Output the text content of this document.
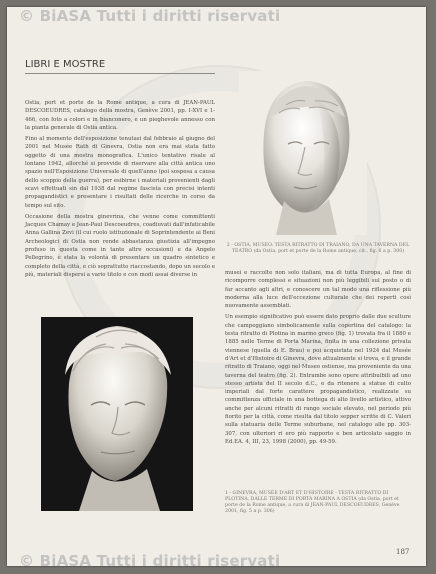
© BiASA Tutti i diritti riservati
© BiASA Tutti i diritti riservati
LIBRI E MOSTRE

Ostia, port et porte de la Rome antique, a cura di JEAN-PAUL DESCOEUDRES, catalogo della mostra, Genève 2001, pp. I-XVI e 1-466, con foto a colori e in bianconero, e un pieghevole annesso con la pianta generale di Ostia antica.

Fino al momento dell'esposizione tenutasi dal febbraio al giugno del 2001 nel Musée Rath di Ginevra, Ostia non era mai stata fatto oggetto di una mostra monografica. L'unico tentativo risale al lontano 1942, allorché si provvide di riservare alla città antica uno spazio nell'Esposizione Universale di quell'anno (poi sospesa a causa dello scoppio della guerra), per esibirne i materiali provenienti dagli scavi effettuati sin dal 1938 dal regime fascista con precisi intenti propagandistici e presentare i risultati delle ricerche in corso da tempo sul sito.

Occasione della mostra ginevrina, che venne come committenti Jacques Chamay e Jean-Paul Descoeudres, coadiuvati dall'infaticabile Anna Gallina Zevi (il cui ruolo istituzionale di Soprintendente ai Beni Archeologici di Ostia non rende abbastanza giustizia all'impegno profuso in questa come in tante altre occasioni) e da Angelo Pellegrino, è stata la volontà di presentare un quadro sintetico e completo della città, e ciò soprattutto riaccostando, dopo un secolo e più, materiali dispersi a vario titolo e con modi assai diverse in

2 - OSTIA, MUSEO. TESTA RITRATTO DI TRAIANO, DA UNA TAVERNA DEL TEATRO (da Ostia, port et porte de la Rome antique, cit., fig. 6 a p. 300)

musei e raccolte non solo italiani, ma di tutta Europa, al fine di ricomporre complessi e situazioni non più leggibili sul posto o di far accanto agli altri, e conoscere un tal modo una riflessione più moderna alla luce dell'eccezione culturale che dei reperti così nuovamente assemblati.

Un esempio significativo può essere dato proprio dalle due sculture che campeggiano simbolicamente sulla copertina del catalogo: la testa ritratto di Plotina in marmo greco (fig. 1) trovata fra il 1880 e 1885 nelle Terme di Porta Marina, finita in una collezione privata viennese (quella di E. Brau) e poi acquistata nel 1924 dal Musée d'Art et d'Histoire di Ginevra, dove attualmente si trova, e il grande ritratto di Traiano, oggi nel Museo ostiense, ma proveniente da una taverna del teatro (fig. 2). Entrambe sono opere attribuibili ad uno stesso artista del II secolo d.C., e da ritenere a statue di culto imperiali dal forte carattere propagandistico, realizzate su committenza ufficiale in una bottega di alto livello artistico, attivo anche per alcuni ritratti di rango sociale elevato, nel periodo più fiorito per la città, come risulta dal titolo sepper scritte di C. Valeri sulla statuaria delle Terme suburbane, nel catalogo alle pp. 303-307, con ulteriori ri ero più rapporto e ben articolato saggio in Ed.EA. 4, III, 23, 1998 (2000), pp. 49-59.

1 - GINEVRA, MUSÉE D'ART ET D'HISTOIRE - TESTA RITRATTO DI PLOTINA, DALLE TERME DI PORTA MARINA A OSTIA (da Ostia, port et porte de la Rome antique, a cura di JEAN-PAUL DESCOEUDRES, Genève 2001, fig. 5 a p. 306)
187
